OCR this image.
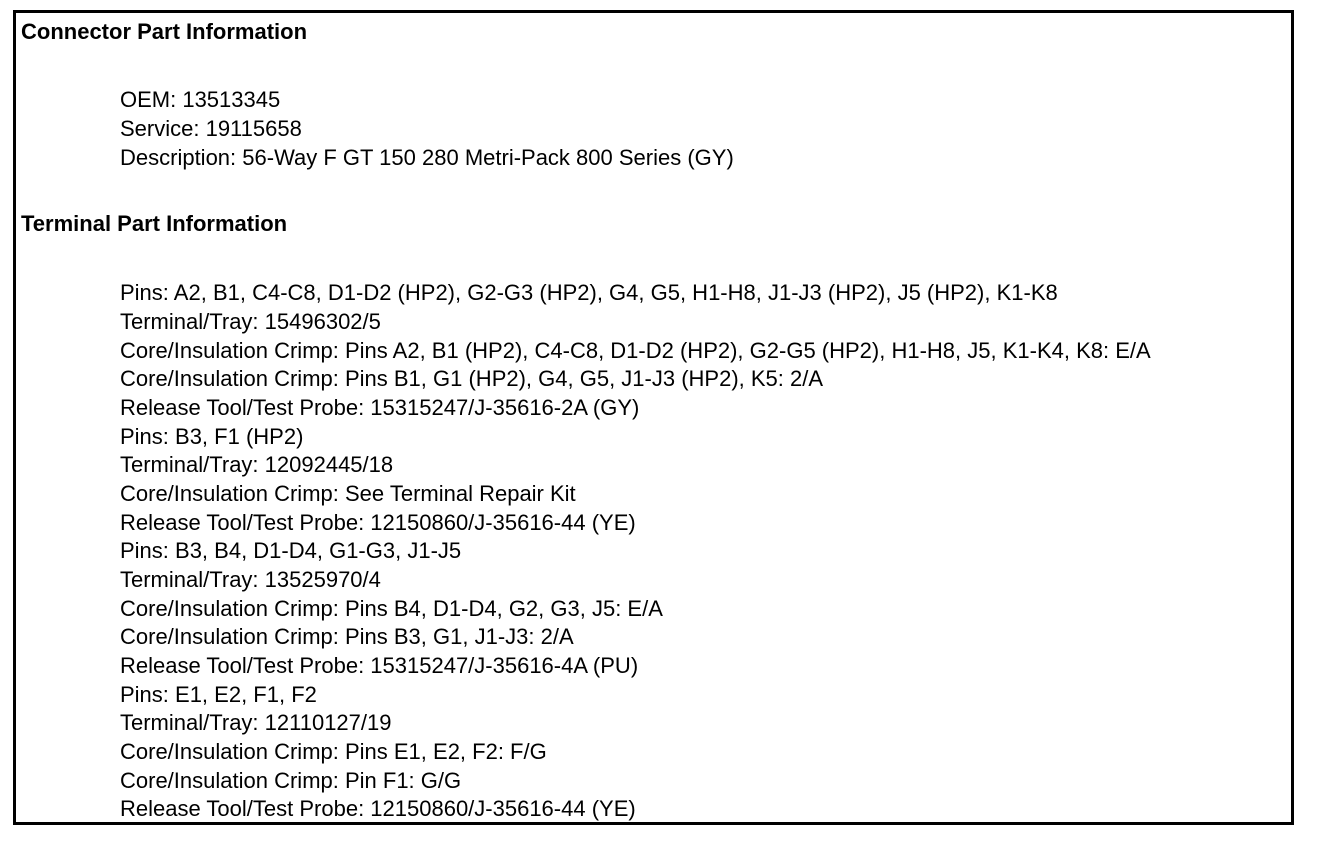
Connector Part Information
OEM: 13513345
Service: 19115658
Description: 56-Way F GT 150 280 Metri-Pack 800 Series (GY)
Terminal Part Information
Pins: A2, B1, C4-C8, D1-D2 (HP2), G2-G3 (HP2), G4, G5, H1-H8, J1-J3 (HP2), J5 (HP2), K1-K8
Terminal/Tray: 15496302/5
Core/Insulation Crimp: Pins A2, B1 (HP2), C4-C8, D1-D2 (HP2), G2-G5 (HP2), H1-H8, J5, K1-K4, K8: E/A
Core/Insulation Crimp: Pins B1, G1 (HP2), G4, G5, J1-J3 (HP2), K5: 2/A
Release Tool/Test Probe: 15315247/J-35616-2A (GY)
Pins: B3, F1 (HP2)
Terminal/Tray: 12092445/18
Core/Insulation Crimp: See Terminal Repair Kit
Release Tool/Test Probe: 12150860/J-35616-44 (YE)
Pins: B3, B4, D1-D4, G1-G3, J1-J5
Terminal/Tray: 13525970/4
Core/Insulation Crimp: Pins B4, D1-D4, G2, G3, J5: E/A
Core/Insulation Crimp: Pins B3, G1, J1-J3: 2/A
Release Tool/Test Probe: 15315247/J-35616-4A (PU)
Pins: E1, E2, F1, F2
Terminal/Tray: 12110127/19
Core/Insulation Crimp: Pins E1, E2, F2: F/G
Core/Insulation Crimp: Pin F1: G/G
Release Tool/Test Probe: 12150860/J-35616-44 (YE)
